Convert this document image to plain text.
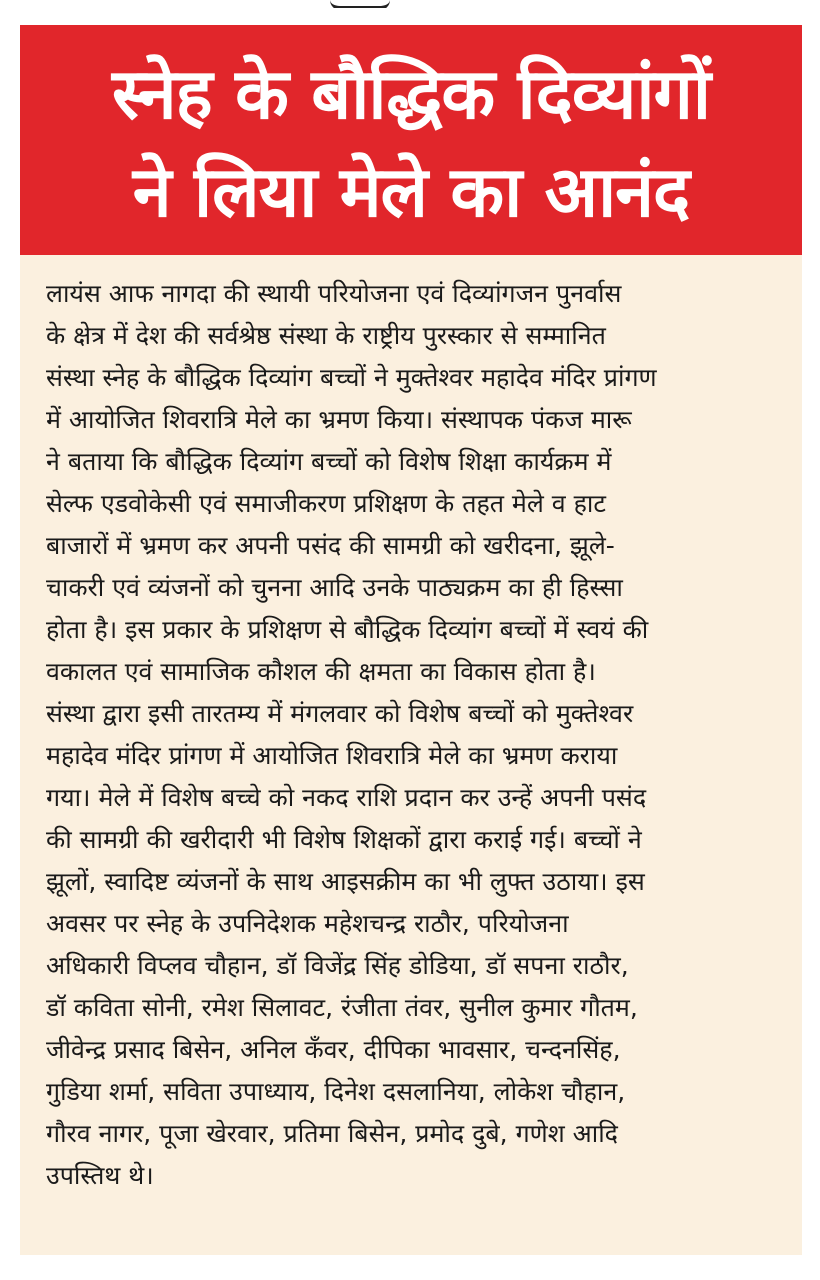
स्नेह के बौद्धिक दिव्यांगों
ने लिया मेले का आनंद
लायंस आफ नागदा की स्थायी परियोजना एवं दिव्यांगजन पुनर्वास
के क्षेत्र में देश की सर्वश्रेष्ठ संस्था के राष्ट्रीय पुरस्कार से सम्मानित
संस्था स्नेह के बौद्धिक दिव्यांग बच्चों ने मुक्तेश्वर महादेव मंदिर प्रांगण
में आयोजित शिवरात्रि मेले का भ्रमण किया। संस्थापक पंकज मारू
ने बताया कि बौद्धिक दिव्यांग बच्चों को विशेष शिक्षा कार्यक्रम में
सेल्फ एडवोकेसी एवं समाजीकरण प्रशिक्षण के तहत मेले व हाट
बाजारों में भ्रमण कर अपनी पसंद की सामग्री को खरीदना, झूले-
चाकरी एवं व्यंजनों को चुनना आदि उनके पाठ्यक्रम का ही हिस्सा
होता है। इस प्रकार के प्रशिक्षण से बौद्धिक दिव्यांग बच्चों में स्वयं की
वकालत एवं सामाजिक कौशल की क्षमता का विकास होता है।
संस्था द्वारा इसी तारतम्य में मंगलवार को विशेष बच्चों को मुक्तेश्वर
महादेव मंदिर प्रांगण में आयोजित शिवरात्रि मेले का भ्रमण कराया
गया। मेले में विशेष बच्चे को नकद राशि प्रदान कर उन्हें अपनी पसंद
की सामग्री की खरीदारी भी विशेष शिक्षकों द्वारा कराई गई। बच्चों ने
झूलों, स्वादिष्ट व्यंजनों के साथ आइसक्रीम का भी लुफ्त उठाया। इस
अवसर पर स्नेह के उपनिदेशक महेशचन्द्र राठौर, परियोजना
अधिकारी विप्लव चौहान, डॉ विजेंद्र सिंह डोडिया, डॉ सपना राठौर,
डॉ कविता सोनी, रमेश सिलावट, रंजीता तंवर, सुनील कुमार गौतम,
जीवेन्द्र प्रसाद बिसेन, अनिल कँवर, दीपिका भावसार, चन्दनसिंह,
गुडिया शर्मा, सविता उपाध्याय, दिनेश दसलानिया, लोकेश चौहान,
गौरव नागर, पूजा खेरवार, प्रतिमा बिसेन, प्रमोद दुबे, गणेश आदि
उपस्तिथ थे।
